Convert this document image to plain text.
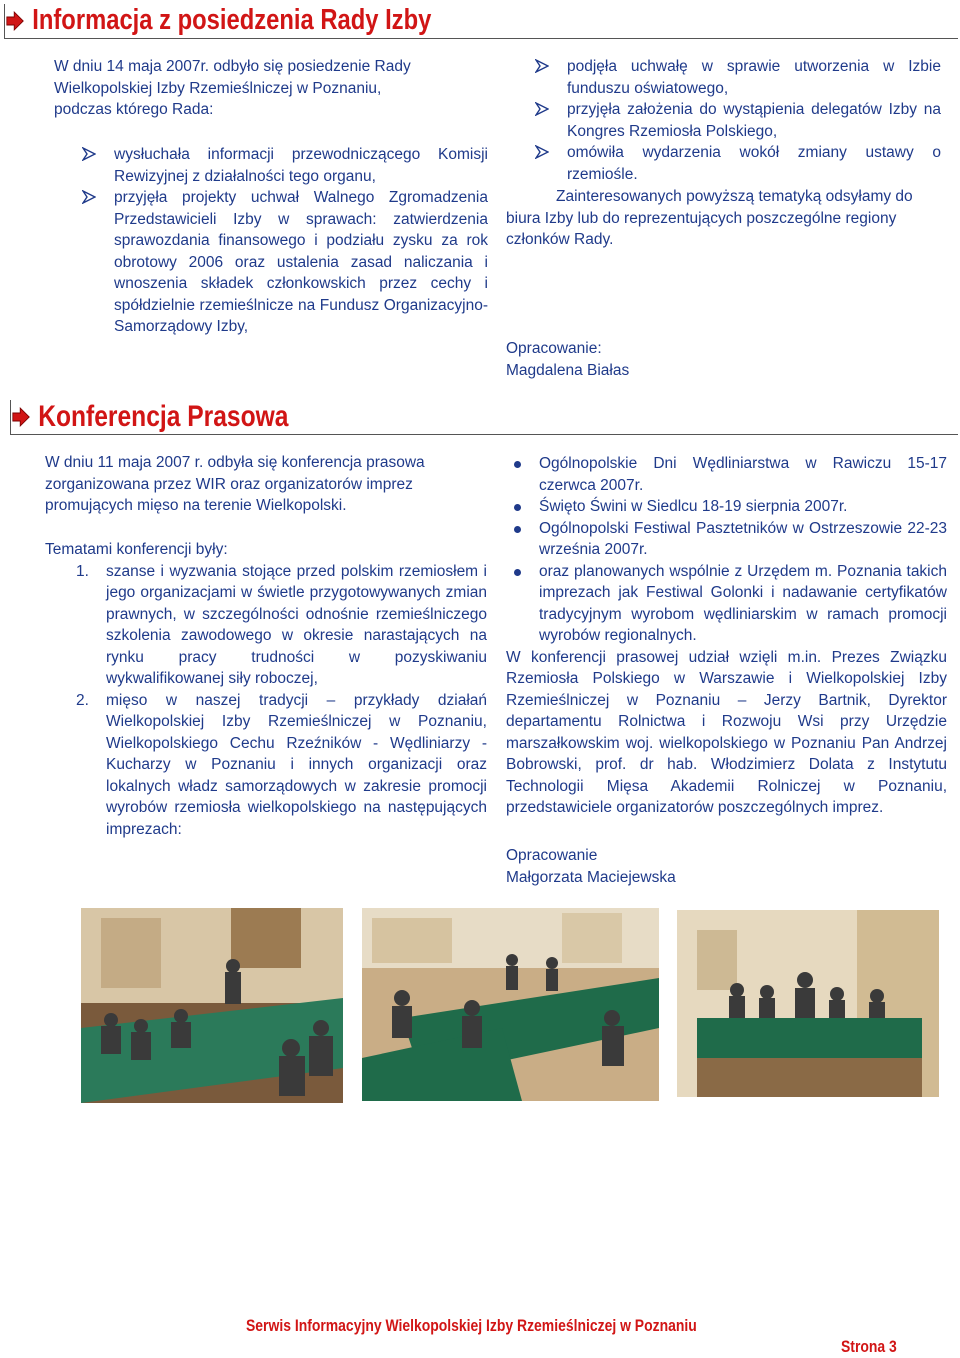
Informacja z posiedzenia Rady Izby

W dniu 14 maja 2007r. odbyło się posiedzenie Rady Wielkopolskiej Izby Rzemieślniczej w Poznaniu, podczas którego Rada:

wysłuchała informacji przewodniczącego Komisji Rewizyjnej z działalności tego organu,
przyjęła projekty uchwał Walnego Zgromadzenia Przedstawicieli Izby w sprawach: zatwierdzenia sprawozdania finansowego i podziału zysku za rok obrotowy 2006 oraz ustalenia zasad naliczania i wnoszenia składek członkowskich przez cechy i spółdzielnie rzemieślnicze na Fundusz Organizacyjno-Samorządowy Izby,
podjęła uchwałę w sprawie utworzenia w Izbie funduszu oświatowego,
przyjęła założenia do wystąpienia delegatów Izby na Kongres Rzemiosła Polskiego,
omówiła wydarzenia wokół zmiany ustawy o rzemiośle.

Zainteresowanych powyższą tematyką odsyłamy do biura Izby lub do reprezentujących poszczególne regiony członków Rady.

Opracowanie:

Magdalena Białas

Konferencja Prasowa

W dniu 11 maja 2007 r. odbyła się konferencja prasowa zorganizowana przez WIR oraz organizatorów imprez promujących mięso na terenie Wielkopolski.

Tematami konferencji były:

1. szanse i wyzwania stojące przed polskim rzemiosłem i jego organizacjami w świetle przygotowywanych zmian prawnych, w szczególności odnośnie rzemieślniczego szkolenia zawodowego w okresie narastających na rynku pracy trudności w pozyskiwaniu wykwalifikowanej siły roboczej,
2. mięso w naszej tradycji – przykłady działań Wielkopolskiej Izby Rzemieślniczej w Poznaniu, Wielkopolskiego Cechu Rzeźników - Wędliniarzy - Kucharzy w Poznaniu i innych organizacji oraz lokalnych władz samorządowych w zakresie promocji wyrobów rzemiosła wielkopolskiego na następujących imprezach:
Ogólnopolskie Dni Wędliniarstwa w Rawiczu 15-17 czerwca 2007r.
Święto Świni w Siedlcu 18-19 sierpnia 2007r.
Ogólnopolski Festiwal Pasztetników w Ostrzeszowie 22-23 września 2007r.
oraz planowanych wspólnie z Urzędem m. Poznania takich imprezach jak Festiwal Golonki i nadawanie certyfikatów tradycyjnym wyrobom wędliniarskim w ramach promocji wyrobów regionalnych.

W konferencji prasowej udział wzięli m.in. Prezes Związku Rzemiosła Polskiego w Warszawie i Wielkopolskiej Izby Rzemieślniczej w Poznaniu – Jerzy Bartnik, Dyrektor departamentu Rolnictwa i Rozwoju Wsi przy Urzędzie marszałkowskim woj. wielkopolskiego w Poznaniu Pan Andrzej Bobrowski, prof. dr hab. Włodzimierz Dolata z Instytutu Technologii Mięsa Akademii Rolniczej w Poznaniu, przedstawiciele organizatorów poszczególnych imprez.

Opracowanie

Małgorzata Maciejewska

Serwis Informacyjny Wielkopolskiej Izby Rzemieślniczej w Poznaniu
Strona 3
